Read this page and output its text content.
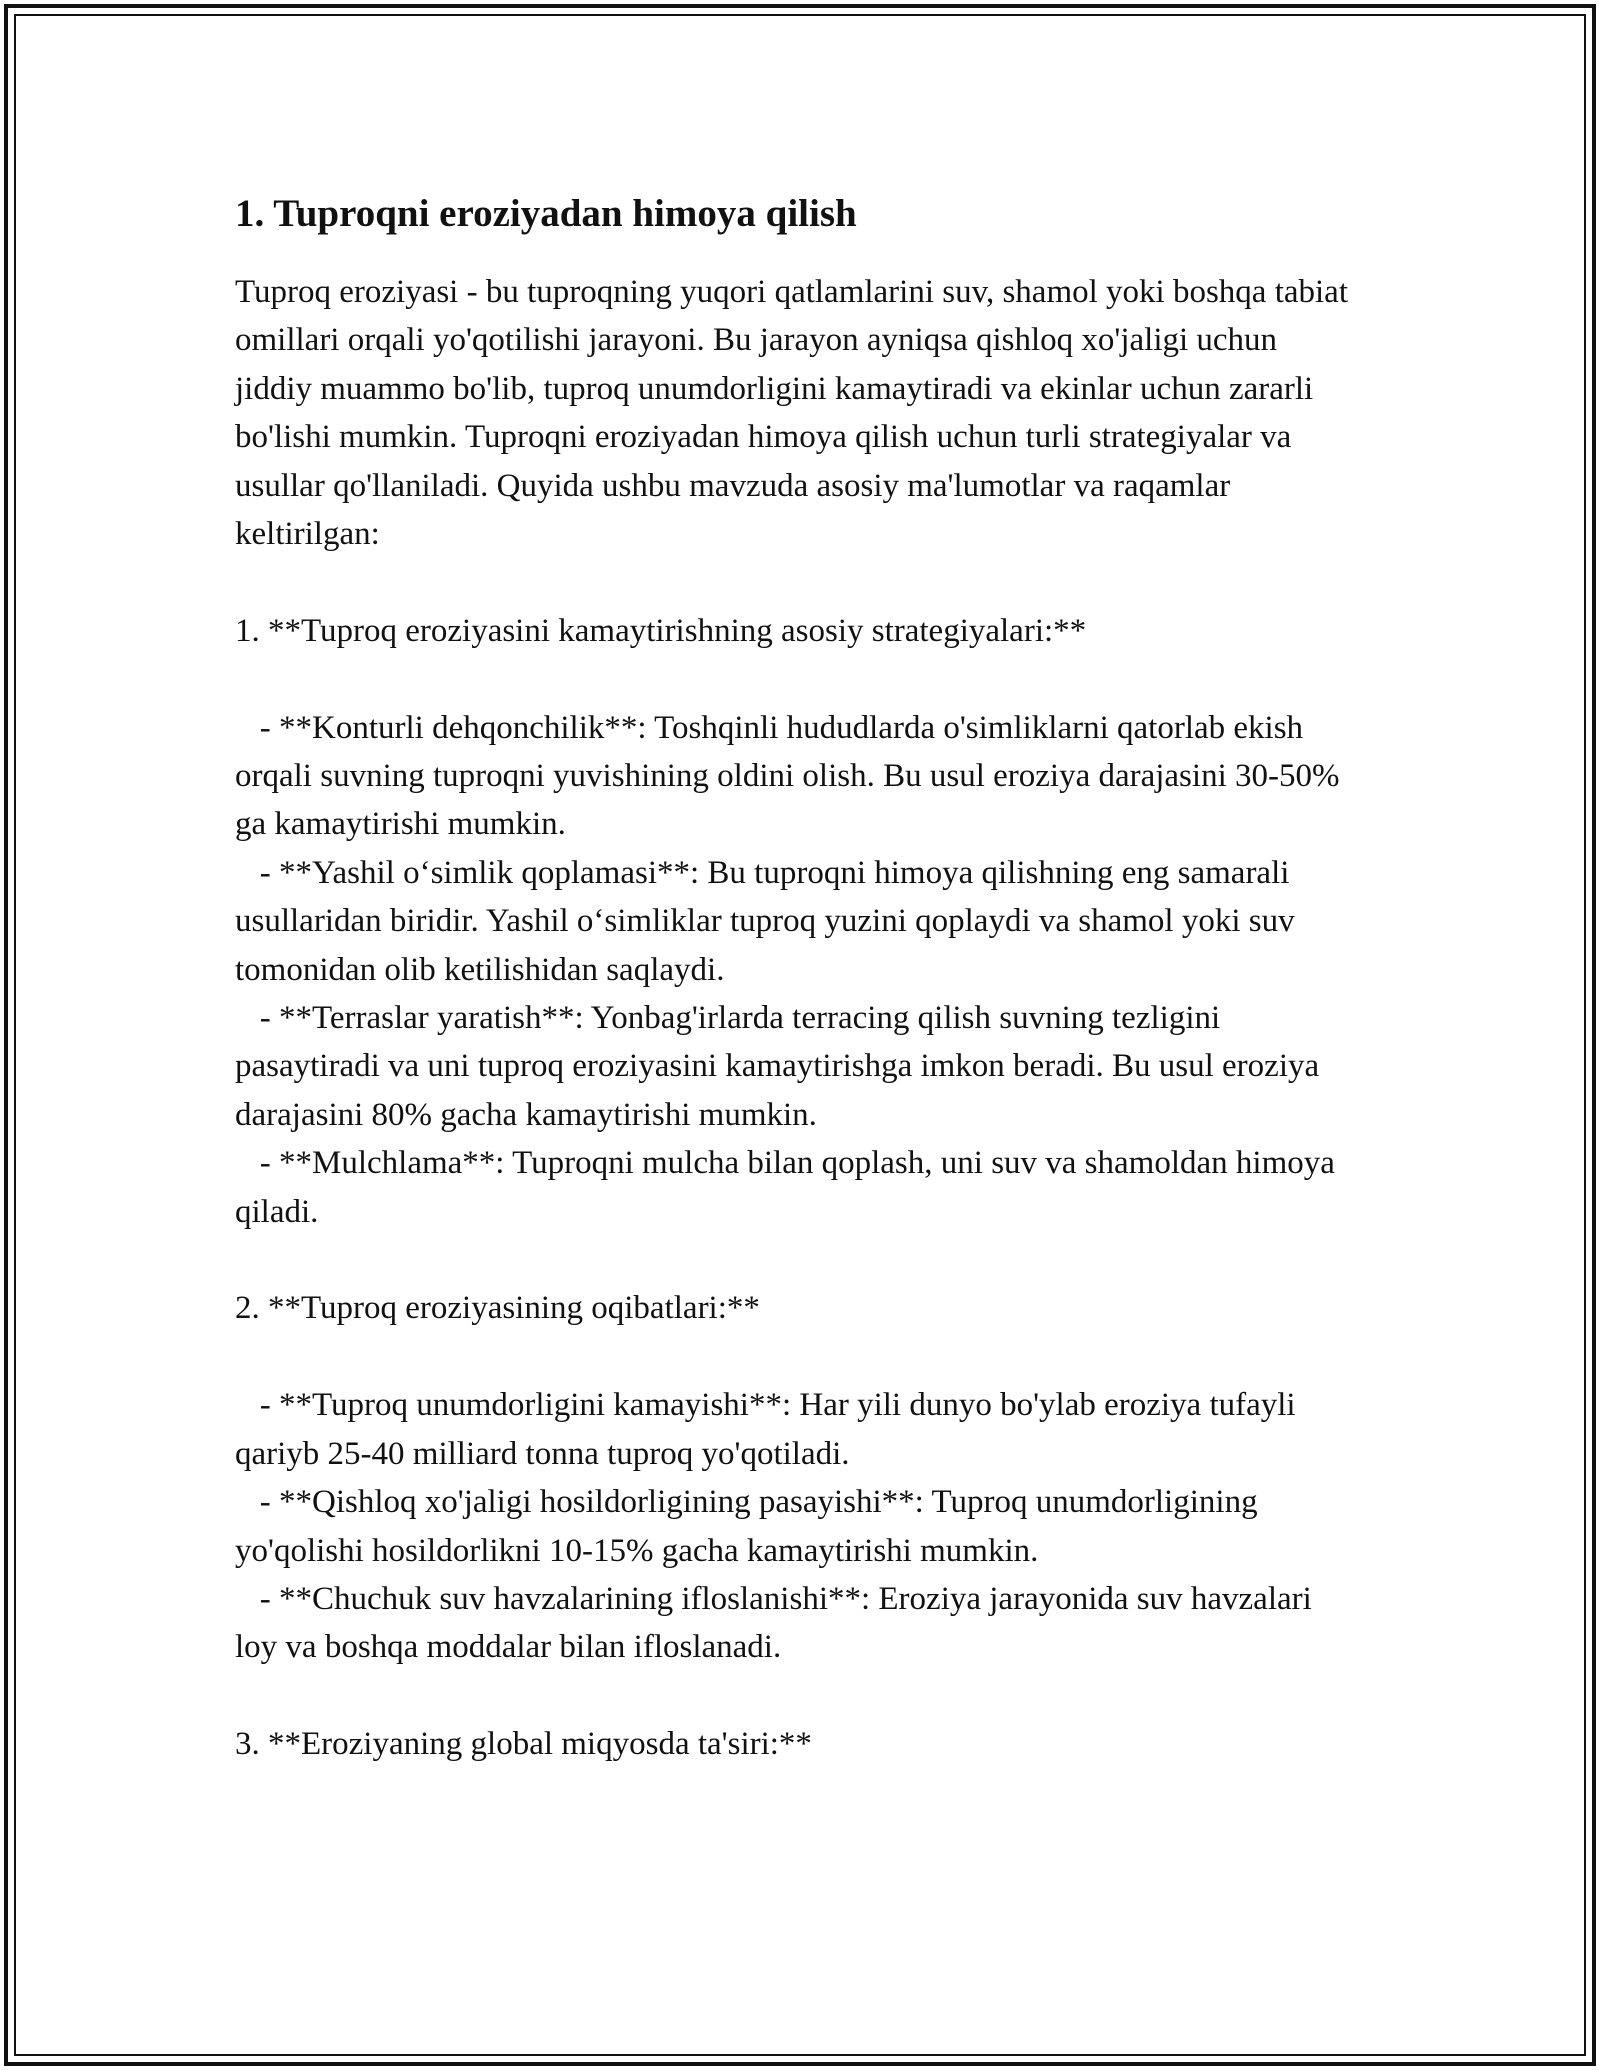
1. Tuproqni eroziyadan himoya qilish

Tuproq eroziyasi - bu tuproqning yuqori qatlamlarini suv, shamol yoki boshqa tabiat omillari orqali yo'qotilishi jarayoni. Bu jarayon ayniqsa qishloq xo'jaligi uchun jiddiy muammo bo'lib, tuproq unumdorligini kamaytiradi va ekinlar uchun zararli bo'lishi mumkin. Tuproqni eroziyadan himoya qilish uchun turli strategiyalar va usullar qo'llaniladi. Quyida ushbu mavzuda asosiy ma'lumotlar va raqamlar keltirilgan:

1. **Tuproq eroziyasini kamaytirishning asosiy strategiyalari:**

- **Konturli dehqonchilik**: Toshqinli hududlarda o'simliklarni qatorlab ekish orqali suvning tuproqni yuvishining oldini olish. Bu usul eroziya darajasini 30-50% ga kamaytirishi mumkin.

- **Yashil o‘simlik qoplamasi**: Bu tuproqni himoya qilishning eng samarali usullaridan biridir. Yashil o‘simliklar tuproq yuzini qoplaydi va shamol yoki suv tomonidan olib ketilishidan saqlaydi.

- **Terraslar yaratish**: Yonbag'irlarda terracing qilish suvning tezligini pasaytiradi va uni tuproq eroziyasini kamaytirishga imkon beradi. Bu usul eroziya darajasini 80% gacha kamaytirishi mumkin.

- **Mulchlama**: Tuproqni mulcha bilan qoplash, uni suv va shamoldan himoya qiladi.

2. **Tuproq eroziyasining oqibatlari:**

- **Tuproq unumdorligini kamayishi**: Har yili dunyo bo'ylab eroziya tufayli qariyb 25-40 milliard tonna tuproq yo'qotiladi.

- **Qishloq xo'jaligi hosildorligining pasayishi**: Tuproq unumdorligining yo'qolishi hosildorlikni 10-15% gacha kamaytirishi mumkin.

- **Chuchuk suv havzalarining ifloslanishi**: Eroziya jarayonida suv havzalari loy va boshqa moddalar bilan ifloslanadi.

3. **Eroziyaning global miqyosda ta'siri:**
